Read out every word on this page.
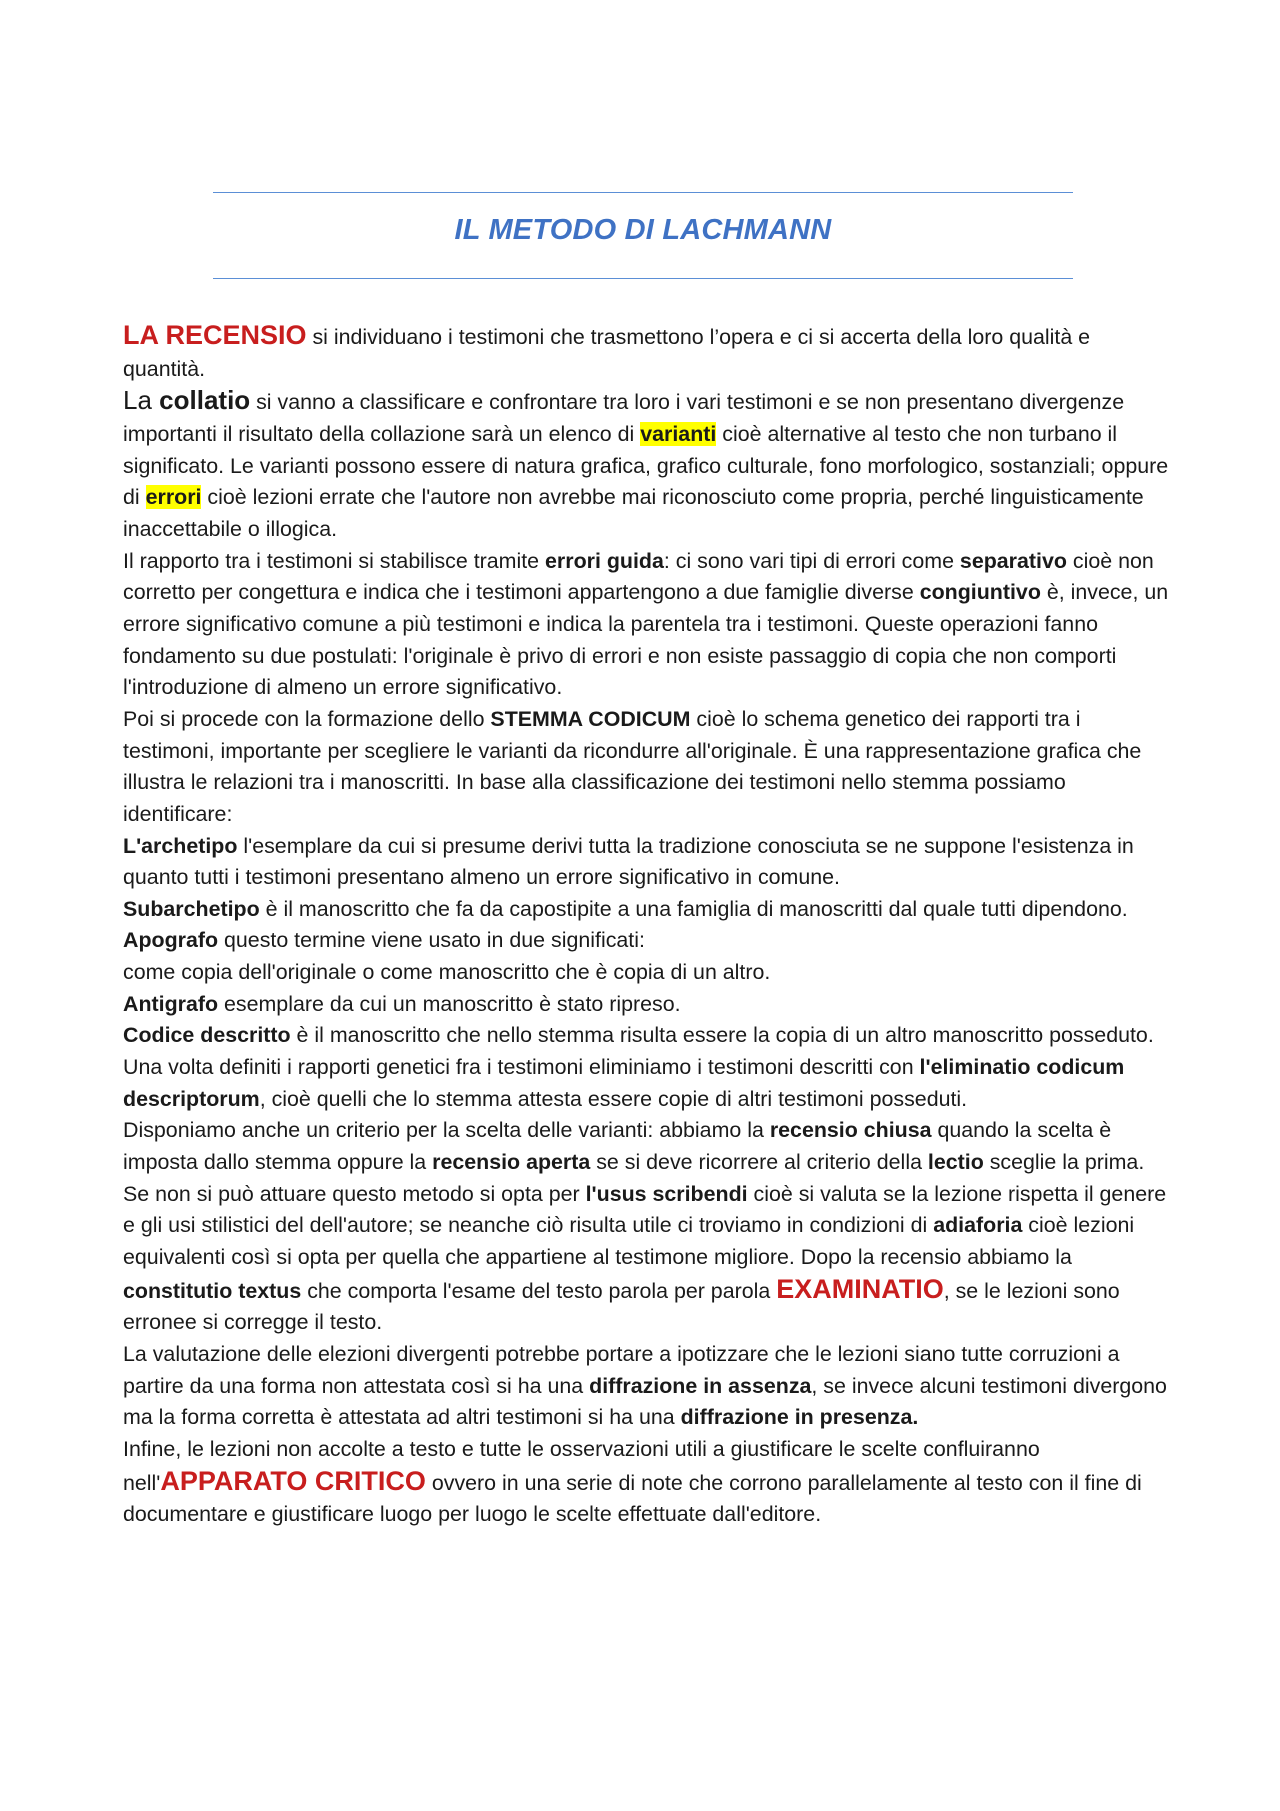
IL METODO DI LACHMANN

LA RECENSIO si individuano i testimoni che trasmettono l’opera e ci si accerta della loro qualità e quantità.

La collatio si vanno a classificare e confrontare tra loro i vari testimoni e se non presentano divergenze importanti il risultato della collazione sarà un elenco di varianti cioè alternative al testo che non turbano il significato. Le varianti possono essere di natura grafica, grafico culturale, fono morfologico, sostanziali; oppure di errori cioè lezioni errate che l'autore non avrebbe mai riconosciuto come propria, perché linguisticamente inaccettabile o illogica.

Il rapporto tra i testimoni si stabilisce tramite errori guida: ci sono vari tipi di errori come separativo cioè non corretto per congettura e indica che i testimoni appartengono a due famiglie diverse congiuntivo è, invece, un errore significativo comune a più testimoni e indica la parentela tra i testimoni. Queste operazioni fanno fondamento su due postulati: l'originale è privo di errori e non esiste passaggio di copia che non comporti l'introduzione di almeno un errore significativo.

Poi si procede con la formazione dello STEMMA CODICUM cioè lo schema genetico dei rapporti tra i testimoni, importante per scegliere le varianti da ricondurre all'originale. È una rappresentazione grafica che illustra le relazioni tra i manoscritti. In base alla classificazione dei testimoni nello stemma possiamo identificare:

L'archetipo l'esemplare da cui si presume derivi tutta la tradizione conosciuta se ne suppone l'esistenza in quanto tutti i testimoni presentano almeno un errore significativo in comune.

Subarchetipo è il manoscritto che fa da capostipite a una famiglia di manoscritti dal quale tutti dipendono.

Apografo questo termine viene usato in due significati:

come copia dell'originale o come manoscritto che è copia di un altro.

Antigrafo esemplare da cui un manoscritto è stato ripreso.

Codice descritto è il manoscritto che nello stemma risulta essere la copia di un altro manoscritto posseduto.

Una volta definiti i rapporti genetici fra i testimoni eliminiamo i testimoni descritti con l'eliminatio codicum descriptorum, cioè quelli che lo stemma attesta essere copie di altri testimoni posseduti.

Disponiamo anche un criterio per la scelta delle varianti: abbiamo la recensio chiusa quando la scelta è imposta dallo stemma oppure la recensio aperta se si deve ricorrere al criterio della lectio sceglie la prima.

Se non si può attuare questo metodo si opta per l'usus scribendi cioè si valuta se la lezione rispetta il genere e gli usi stilistici del dell'autore; se neanche ciò risulta utile ci troviamo in condizioni di adiaforia cioè lezioni equivalenti così si opta per quella che appartiene al testimone migliore. Dopo la recensio abbiamo la constitutio textus che comporta l'esame del testo parola per parola EXAMINATIO, se le lezioni sono erronee si corregge il testo.

La valutazione delle elezioni divergenti potrebbe portare a ipotizzare che le lezioni siano tutte corruzioni a partire da una forma non attestata così si ha una diffrazione in assenza, se invece alcuni testimoni divergono ma la forma corretta è attestata ad altri testimoni si ha una diffrazione in presenza.

Infine, le lezioni non accolte a testo e tutte le osservazioni utili a giustificare le scelte confluiranno nell'APPARATO CRITICO ovvero in una serie di note che corrono parallelamente al testo con il fine di documentare e giustificare luogo per luogo le scelte effettuate dall'editore.
